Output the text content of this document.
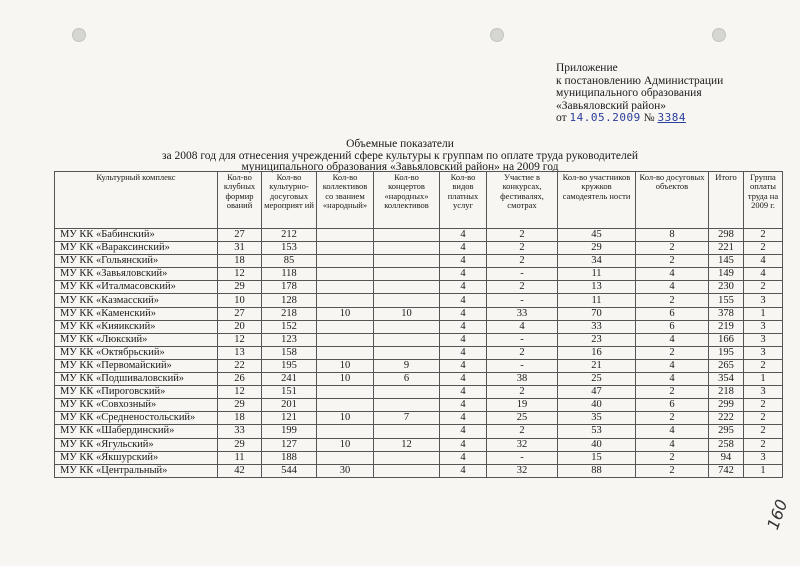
Приложение
к постановлению Администрации
муниципального образования
«Завьяловский район»
от 14.05.2009 № 3384
Объемные показатели
за 2008 год для отнесения учреждений сфере культуры к группам по оплате труда руководителей
муниципального образования «Завьяловский район» на 2009 год
Культурный комплекс	Кол-во клубных формир ований	Кол-во культурно-досуговых мероприят ий	Кол-во коллективов со званием «народный»	Кол-во концертов «народных» коллективов	Кол-во видов платных услуг	Участие в конкурсах, фестивалях, смотрах	Кол-во участников кружков самодеятель ности	Кол-во досуговых объектов	Итого	Группа оплаты труда на 2009 г.
МУ КК «Бабинский»	27	212			4	2	45	8	298	2
МУ КК «Вараксинский»	31	153			4	2	29	2	221	2
МУ КК «Гольянский»	18	85			4	2	34	2	145	4
МУ КК «Завьяловский»	12	118			4	-	11	4	149	4
МУ КК «Италмасовский»	29	178			4	2	13	4	230	2
МУ КК «Казмасский»	10	128			4	-	11	2	155	3
МУ КК «Каменский»	27	218	10	10	4	33	70	6	378	1
МУ КК «Кияикский»	20	152			4	4	33	6	219	3
МУ КК «Люкский»	12	123			4	-	23	4	166	3
МУ КК «Октябрьский»	13	158			4	2	16	2	195	3
МУ КК «Первомайский»	22	195	10	9	4	-	21	4	265	2
МУ КК «Подшиваловский»	26	241	10	6	4	38	25	4	354	1
МУ КК «Пироговский»	12	151			4	2	47	2	218	3
МУ КК «Совхозный»	29	201			4	19	40	6	299	2
МУ КК «Средненостольский»	18	121	10	7	4	25	35	2	222	2
МУ КК «Шабердинский»	33	199			4	2	53	4	295	2
МУ КК «Ягульский»	29	127	10	12	4	32	40	4	258	2
МУ КК «Якшурский»	11	188			4	-	15	2	94	3
МУ КК «Центральный»	42	544	30		4	32	88	2	742	1
160
